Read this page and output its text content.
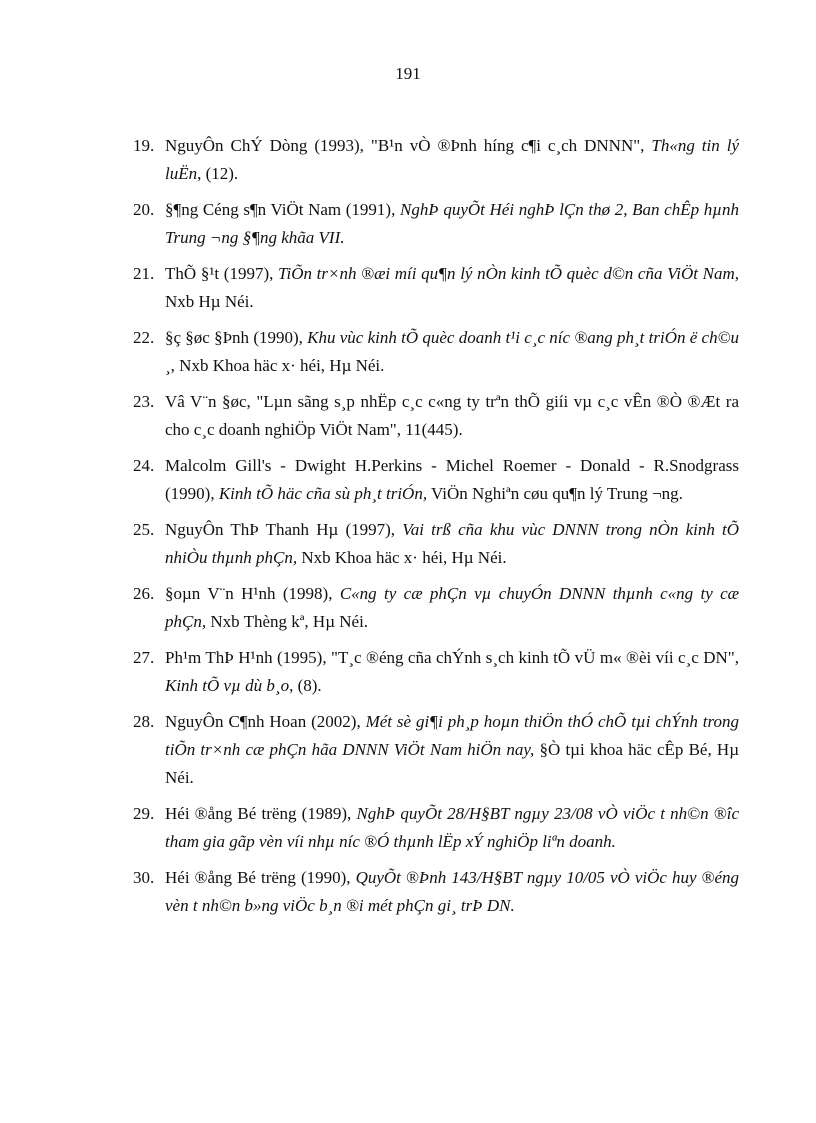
191
19. NguyÔn ChÝ Dòng (1993), "B¹n vÒ ®Þnh híng c¶i c¸ch DNNN", Th«ng tin lý luËn, (12).
20. §¶ng Céng s¶n ViÖt Nam (1991), NghÞ quyÕt Héi nghÞ lÇn thø 2, Ban chÊp hµnh Trung ¬ng §¶ng khãa VII.
21. ThÕ §¹t (1997), TiÕn tr×nh ®æi míi qu¶n lý nÒn kinh tÕ quèc d©n cña ViÖt Nam, Nxb Hµ Néi.
22. §ç §øc §Þnh (1990), Khu vùc kinh tÕ quèc doanh t¹i c¸c níc ®ang ph¸t triÓn ë ch©u ¸, Nxb Khoa häc x· héi, Hµ Néi.
23. Vâ V¨n §øc, "Lµn sãng s¸p nhËp c¸c c«ng ty trªn thÕ giíi vµ c¸c vÊn ®Ò ®Æt ra cho c¸c doanh nghiÖp ViÖt Nam", 11(445).
24. Malcolm Gill's - Dwight H.Perkins - Michel Roemer - Donald - R.Snodgrass (1990), Kinh tÕ häc cña sù ph¸t triÓn, ViÖn Nghiªn cøu qu¶n lý Trung ¬ng.
25. NguyÔn ThÞ Thanh Hµ (1997), Vai trß cña khu vùc DNNN trong nÒn kinh tÕ nhiÒu thµnh phÇn, Nxb Khoa häc x· héi, Hµ Néi.
26. §oµn V¨n H¹nh (1998), C«ng ty cæ phÇn vµ chuyÓn DNNN thµnh c«ng ty cæ phÇn, Nxb Thèng kª, Hµ Néi.
27. Ph¹m ThÞ H¹nh (1995), "T¸c ®éng cña chÝnh s¸ch kinh tÕ vÜ m« ®èi víi c¸c DN", Kinh tÕ vµ dù b¸o, (8).
28. NguyÔn C¶nh Hoan (2002), Mét sè gi¶i ph¸p hoµn thiÖn thÓ chÕ tµi chÝnh trong tiÕn tr×nh cæ phÇn hãa DNNN ViÖt Nam hiÖn nay, §Ò tµi khoa häc cÊp Bé, Hµ Néi.
29. Héi ®ång Bé trëng (1989), NghÞ quyÕt 28/H§BT ngµy 23/08 vÒ viÖc t nh©n ®îc tham gia gãp vèn víi nhµ níc ®Ó thµnh lËp xÝ nghiÖp liªn doanh.
30. Héi ®ång Bé trëng (1990), QuyÕt ®Þnh 143/H§BT ngµy 10/05 vÒ viÖc huy ®éng vèn t nh©n b»ng viÖc b¸n ®i mét phÇn gi¸ trÞ DN.
